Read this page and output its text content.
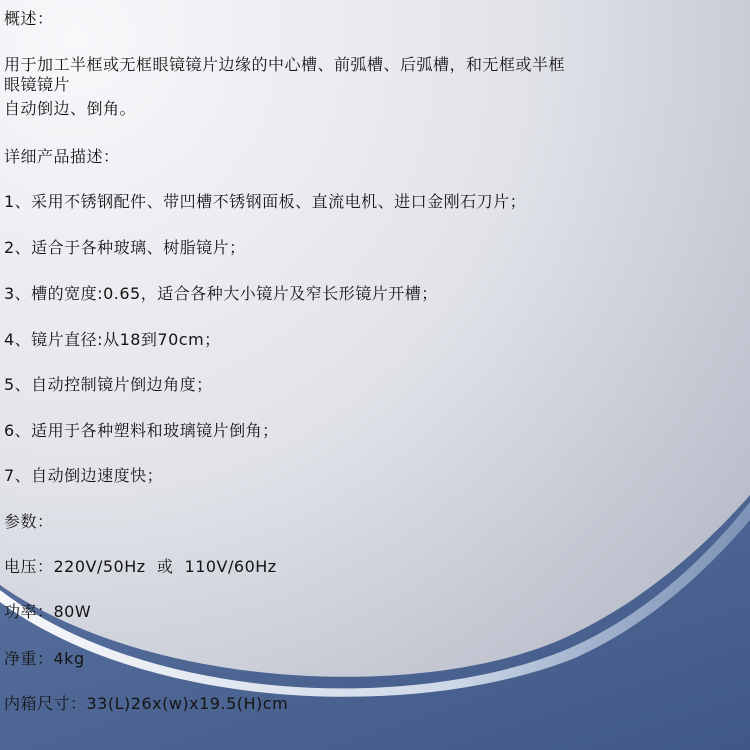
概述：
用于加工半框或无框眼镜镜片边缘的中心槽、前弧槽、后弧槽，和无框或半框
眼镜镜片
自动倒边、倒角。
详细产品描述：
1、采用不锈钢配件、带凹槽不锈钢面板、直流电机、进口金刚石刀片；
2、适合于各种玻璃、树脂镜片；
3、槽的宽度:0.65，适合各种大小镜片及窄长形镜片开槽；
4、镜片直径:从18到70cm；
5、自动控制镜片倒边角度；
6、适用于各种塑料和玻璃镜片倒角；
7、自动倒边速度快；
参数：
电压：220V/50Hz  或  110V/60Hz
功率：80W
净重：4kg
内箱尺寸：33(L)26x(w)x19.5(H)cm
